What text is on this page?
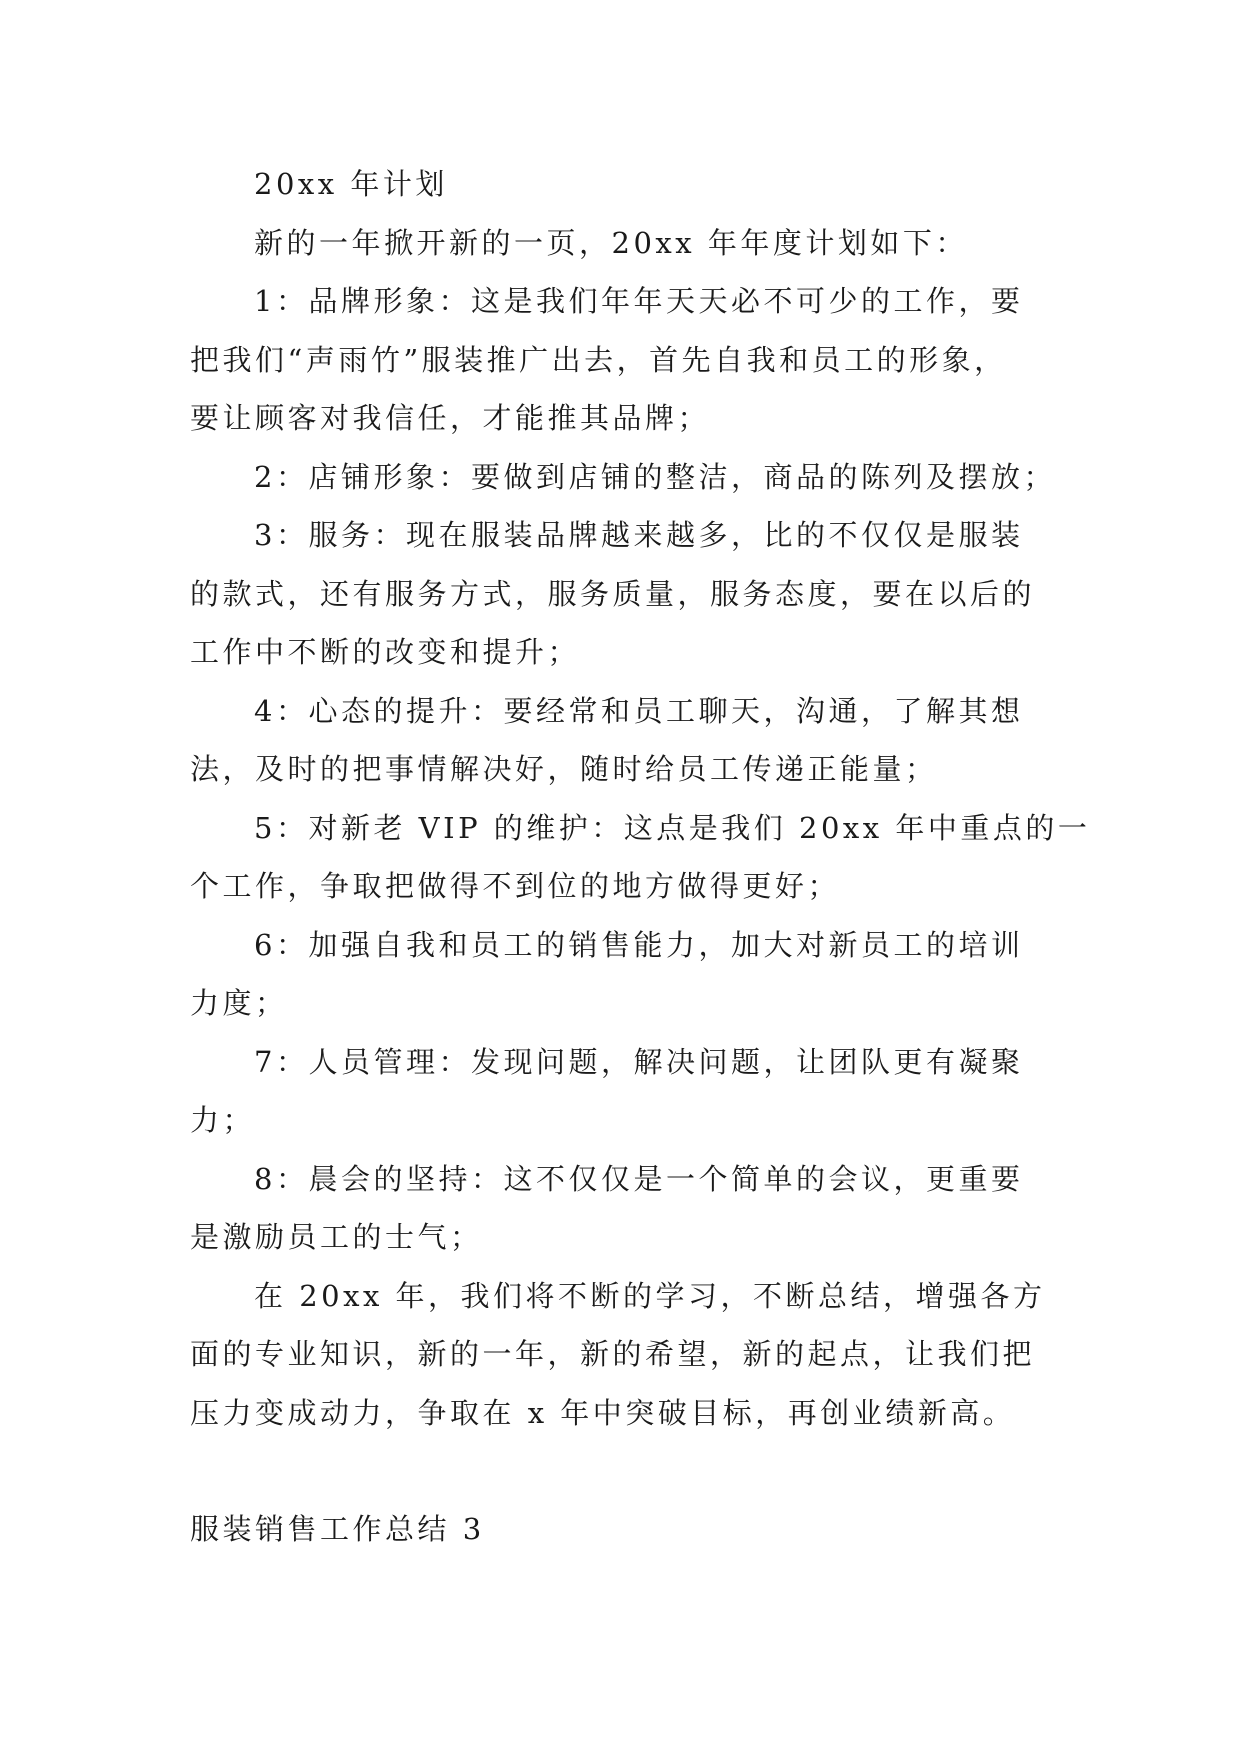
20xx 年计划
新的一年掀开新的一页，20xx 年年度计划如下：
1：品牌形象：这是我们年年天天必不可少的工作，要
把我们“声雨竹”服装推广出去，首先自我和员工的形象，
要让顾客对我信任，才能推其品牌；
2：店铺形象：要做到店铺的整洁，商品的陈列及摆放；
3：服务：现在服装品牌越来越多，比的不仅仅是服装
的款式，还有服务方式，服务质量，服务态度，要在以后的
工作中不断的改变和提升；
4：心态的提升：要经常和员工聊天，沟通，了解其想
法，及时的把事情解决好，随时给员工传递正能量；
5：对新老 VIP 的维护：这点是我们 20xx 年中重点的一
个工作，争取把做得不到位的地方做得更好；
6：加强自我和员工的销售能力，加大对新员工的培训
力度；
7：人员管理：发现问题，解决问题，让团队更有凝聚
力；
8：晨会的坚持：这不仅仅是一个简单的会议，更重要
是激励员工的士气；
在 20xx 年，我们将不断的学习，不断总结，增强各方
面的专业知识，新的一年，新的希望，新的起点，让我们把
压力变成动力，争取在 x 年中突破目标，再创业绩新高。
服装销售工作总结 3
